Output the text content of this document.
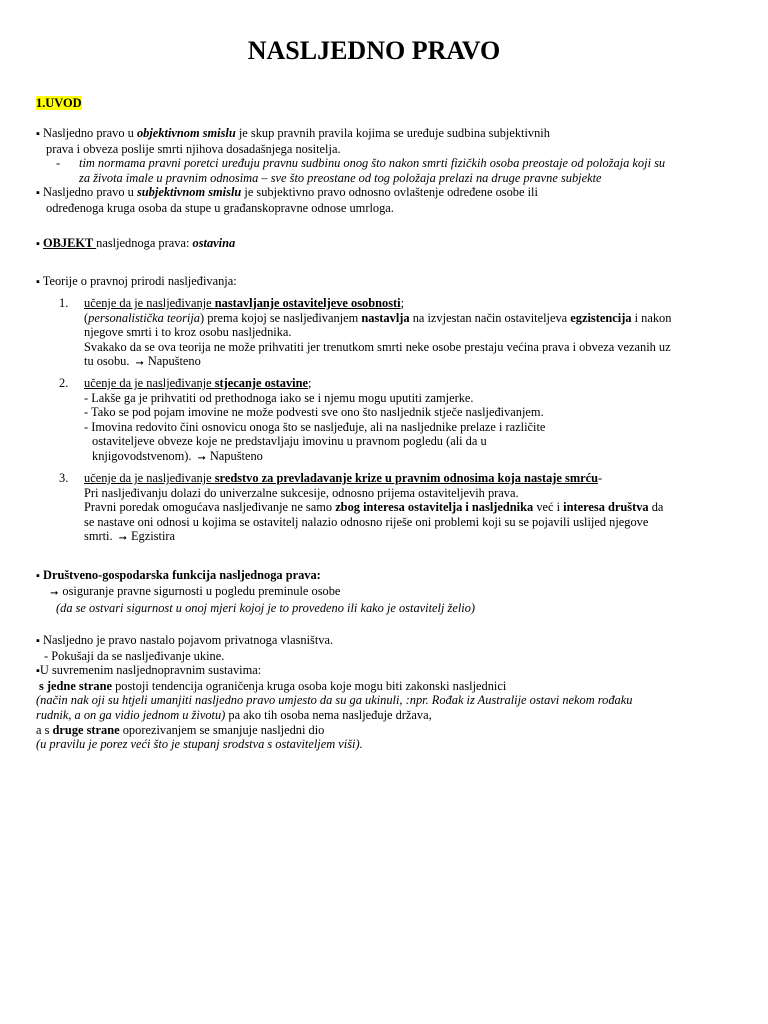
NASLJEDNO PRAVO
1.UVOD
▪ Nasljedno pravo u objektivnom smislu je skup pravnih pravila kojima se uređuje sudbina subjektivnih
prava i obveza poslije smrti njihova dosadašnjega nositelja.
- tim normama pravni poretci uređuju pravnu sudbinu onog što nakon smrti fizičkih osoba preostaje od položaja koji su
za života imale u pravnim odnosima – sve što preostane od tog položaja prelazi na druge pravne subjekte
▪ Nasljedno pravo u subjektivnom smislu je subjektivno pravo odnosno ovlaštenje određene osobe ili
određenoga kruga osoba da stupe u građanskopravne odnose umrloga.
▪ OBJEKT nasljednoga prava: ostavina
▪ Teorije o pravnoj prirodi nasljeđivanja:
1. učenje da je nasljeđivanje nastavljanje ostaviteljeve osobnosti;
(personalistička teorija) prema kojoj se nasljeđivanjem nastavlja na izvjestan način ostaviteljeva egzistencija i nakon
njegove smrti i to kroz osobu nasljednika.
Svakako da se ova teorija ne može prihvatiti jer trenutkom smrti neke osobe prestaju većina prava i obveza vezanih uz
tu osobu. ➞ Napušteno
2. učenje da je nasljeđivanje stjecanje ostavine;
- Lakše ga je prihvatiti od prethodnoga iako se i njemu mogu uputiti zamjerke.
- Tako se pod pojam imovine ne može podvesti sve ono što nasljednik stječe nasljeđivanjem.
- Imovina redovito čini osnovicu onoga što se nasljeđuje, ali na nasljednike prelaze i različite

ostaviteljeve obveze koje ne predstavljaju imovinu u pravnom pogledu (ali da u
knjigovodstvenom). ➞ Napušteno
3. učenje da je nasljeđivanje sredstvo za prevladavanje krize u pravnim odnosima koja nastaje smrću-
Pri nasljeđivanju dolazi do univerzalne sukcesije, odnosno prijema ostaviteljevih prava.
Pravni poredak omogućava nasljeđivanje ne samo zbog interesa ostavitelja i nasljednika već i interesa društva da
se nastave oni odnosi u kojima se ostavitelj nalazio odnosno riješe oni problemi koji su se pojavili uslijed njegove
smrti. ➞ Egzistira
▪ Društveno-gospodarska funkcija nasljednoga prava:
➞ osiguranje pravne sigurnosti u pogledu preminule osobe
(da se ostvari sigurnost u onoj mjeri kojoj je to provedeno ili kako je ostavitelj želio)
▪ Nasljedno je pravo nastalo pojavom privatnoga vlasništva.
- Pokušaji da se nasljeđivanje ukine.
▪U suvremenim nasljednopravnim sustavima:
s jedne strane postoji tendencija ograničenja kruga osoba koje mogu biti zakonski nasljednici
(način nak oji su htjeli umanjiti nasljedno pravo umjesto da su ga ukinuli, :npr. Rođak iz Australije ostavi nekom rođaku
rudnik, a on ga vidio jednom u životu) pa ako tih osoba nema nasljeđuje država,
a s druge strane oporezivanjem se smanjuje nasljedni dio
(u pravilu je porez veći što je stupanj srodstva s ostaviteljem viši).
